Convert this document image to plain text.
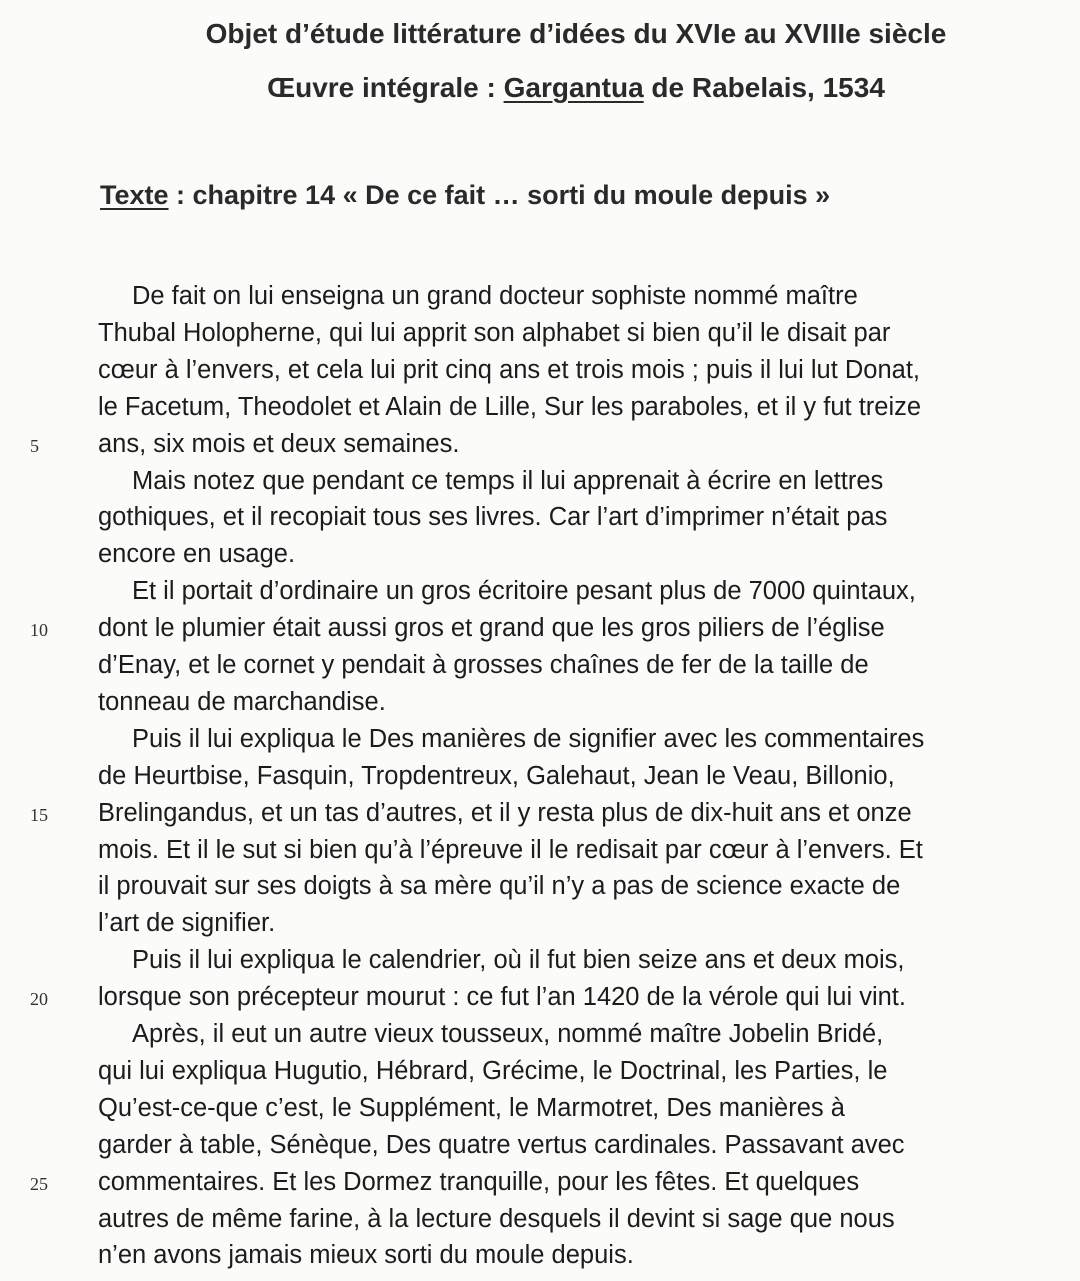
Objet d’étude littérature d’idées du XVIe au XVIIIe siècle
Œuvre intégrale : Gargantua de Rabelais, 1534
Texte : chapitre 14 « De ce fait … sorti du moule depuis »
De fait on lui enseigna un grand docteur sophiste nommé maître
Thubal Holopherne, qui lui apprit son alphabet si bien qu’il le disait par
cœur à l’envers, et cela lui prit cinq ans et trois mois ; puis il lui lut Donat,
le Facetum, Theodolet et Alain de Lille, Sur les paraboles, et il y fut treize
ans, six mois et deux semaines.
5
Mais notez que pendant ce temps il lui apprenait à écrire en lettres
gothiques, et il recopiait tous ses livres. Car l’art d’imprimer n’était pas
encore en usage.
Et il portait d’ordinaire un gros écritoire pesant plus de 7000 quintaux,
dont le plumier était aussi gros et grand que les gros piliers de l’église
10
d’Enay, et le cornet y pendait à grosses chaînes de fer de la taille de
tonneau de marchandise.
Puis il lui expliqua le Des manières de signifier avec les commentaires
de Heurtbise, Fasquin, Tropdentreux, Galehaut, Jean le Veau, Billonio,
Brelingandus, et un tas d’autres, et il y resta plus de dix-huit ans et onze
15
mois. Et il le sut si bien qu’à l’épreuve il le redisait par cœur à l’envers. Et
il prouvait sur ses doigts à sa mère qu’il n’y a pas de science exacte de
l’art de signifier.
Puis il lui expliqua le calendrier, où il fut bien seize ans et deux mois,
lorsque son précepteur mourut : ce fut l’an 1420 de la vérole qui lui vint.
20
Après, il eut un autre vieux tousseux, nommé maître Jobelin Bridé,
qui lui expliqua Hugutio, Hébrard, Grécime, le Doctrinal, les Parties, le
Qu’est-ce-que c’est, le Supplément, le Marmotret, Des manières à
garder à table, Sénèque, Des quatre vertus cardinales. Passavant avec
commentaires. Et les Dormez tranquille, pour les fêtes. Et quelques
25
autres de même farine, à la lecture desquels il devint si sage que nous
n’en avons jamais mieux sorti du moule depuis.
